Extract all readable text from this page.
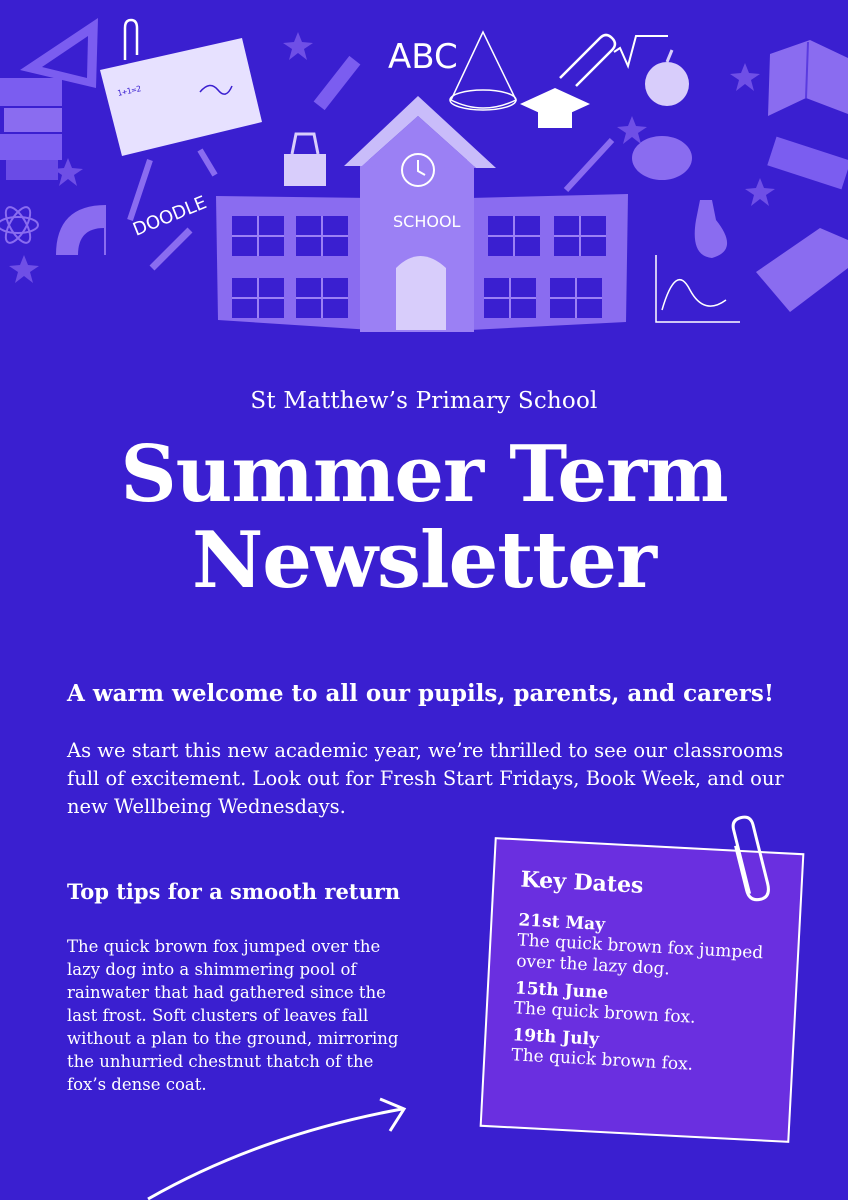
1+1=2
ABC
DOODLE	SCHOOL
St Matthew’s Primary School
Summer Term
Newsletter
A warm welcome to all our pupils, parents, and carers!
As we start this new academic year, we’re thrilled to see our classrooms full of excitement. Look out for Fresh Start Fridays, Book Week, and our new Wellbeing Wednesdays.
Top tips for a smooth return
The quick brown fox jumped over the lazy dog into a shimmering pool of rainwater that had gathered since the last frost. Soft clusters of leaves fall without a plan to the ground, mirroring the unhurried chestnut thatch of the fox’s dense coat.
Key Dates
21st May
The quick brown fox jumped over the lazy dog.
15th June
The quick brown fox.
19th July
The quick brown fox.
